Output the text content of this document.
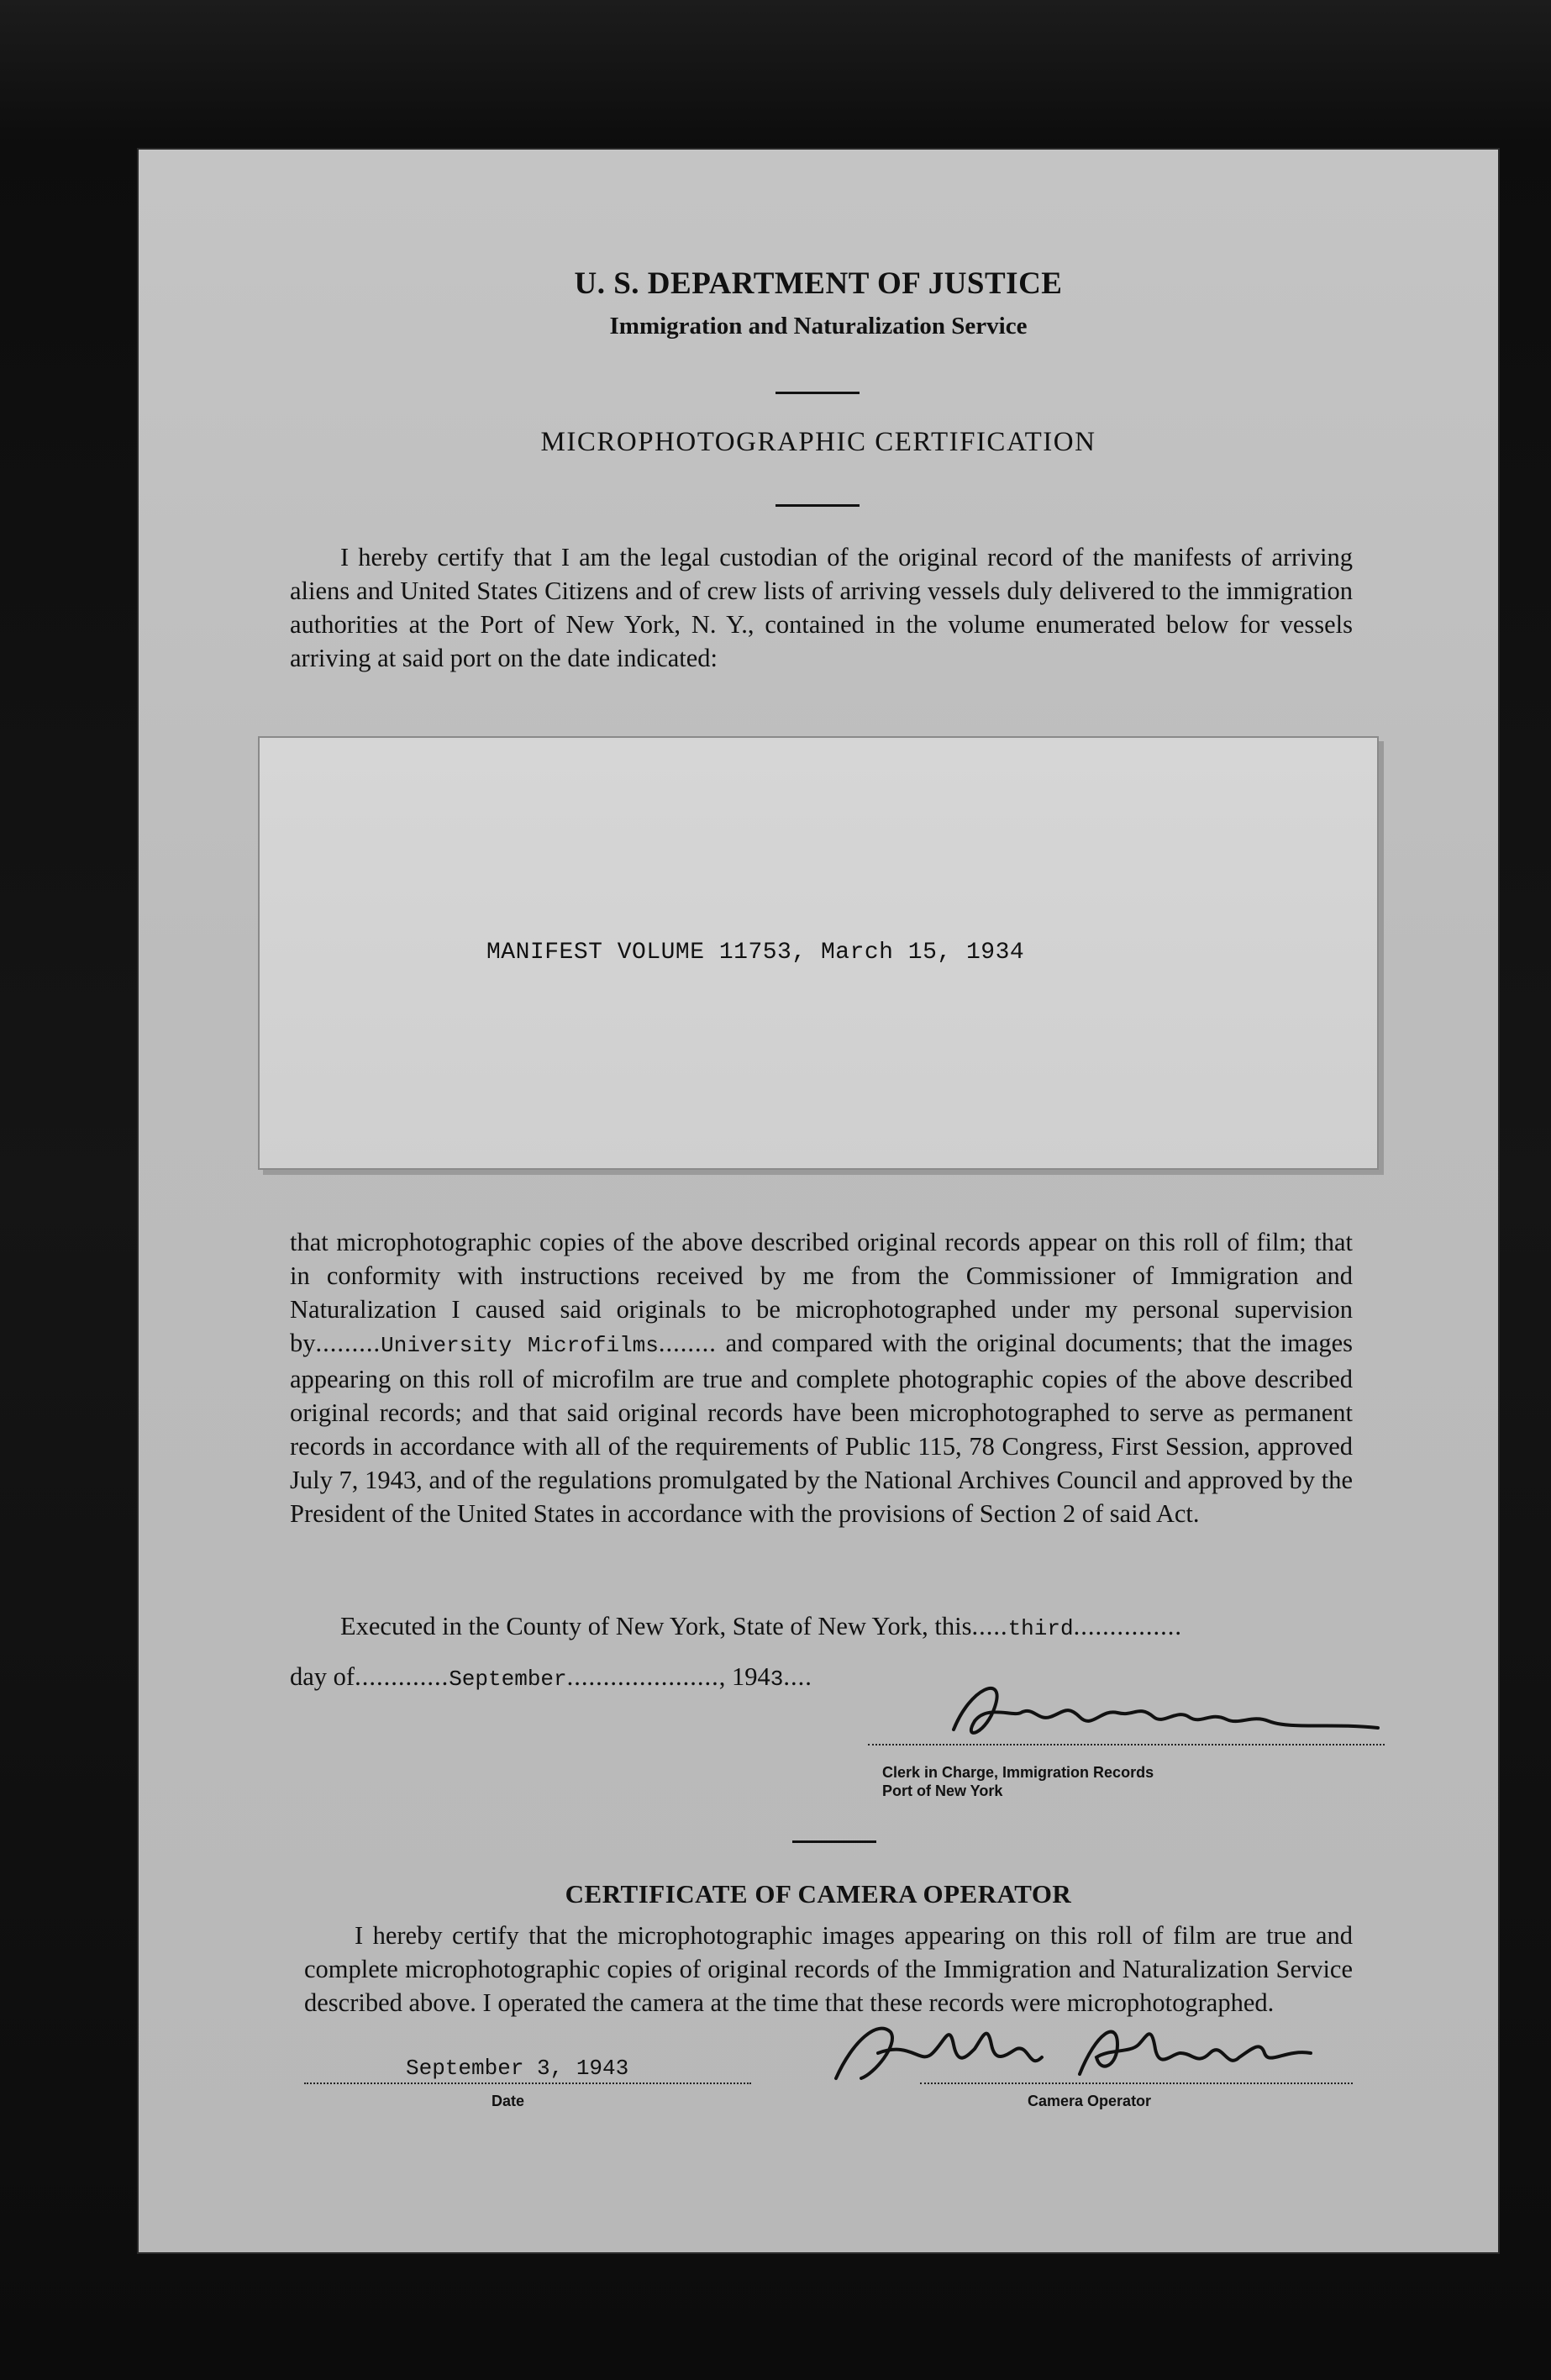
U. S. DEPARTMENT OF JUSTICE
Immigration and Naturalization Service
MICROPHOTOGRAPHIC CERTIFICATION
I hereby certify that I am the legal custodian of the original record of the manifests of arriving aliens and United States Citizens and of crew lists of arriving vessels duly delivered to the immigration authorities at the Port of New York, N. Y., contained in the volume enumerated below for vessels arriving at said port on the date indicated:
MANIFEST VOLUME 11753, March 15, 1934
that microphotographic copies of the above described original records appear on this roll of film; that in conformity with instructions received by me from the Commissioner of Immigration and Naturalization I caused said originals to be microphotographed under my personal supervision by.........University Microfilms........ and compared with the original documents; that the images appearing on this roll of microfilm are true and complete photographic copies of the above described original records; and that said original records have been microphotographed to serve as permanent records in accordance with all of the requirements of Public 115, 78 Congress, First Session, approved July 7, 1943, and of the regulations promulgated by the National Archives Council and approved by the President of the United States in accordance with the provisions of Section 2 of said Act.
Executed in the County of New York, State of New York, this.....third...............
day of.............September....................., 1943....
Clerk in Charge, Immigration Records
Port of New York
CERTIFICATE OF CAMERA OPERATOR
I hereby certify that the microphotographic images appearing on this roll of film are true and complete microphotographic copies of original records of the Immigration and Naturalization Service described above. I operated the camera at the time that these records were microphotographed.
September 3, 1943
Date	Camera Operator
